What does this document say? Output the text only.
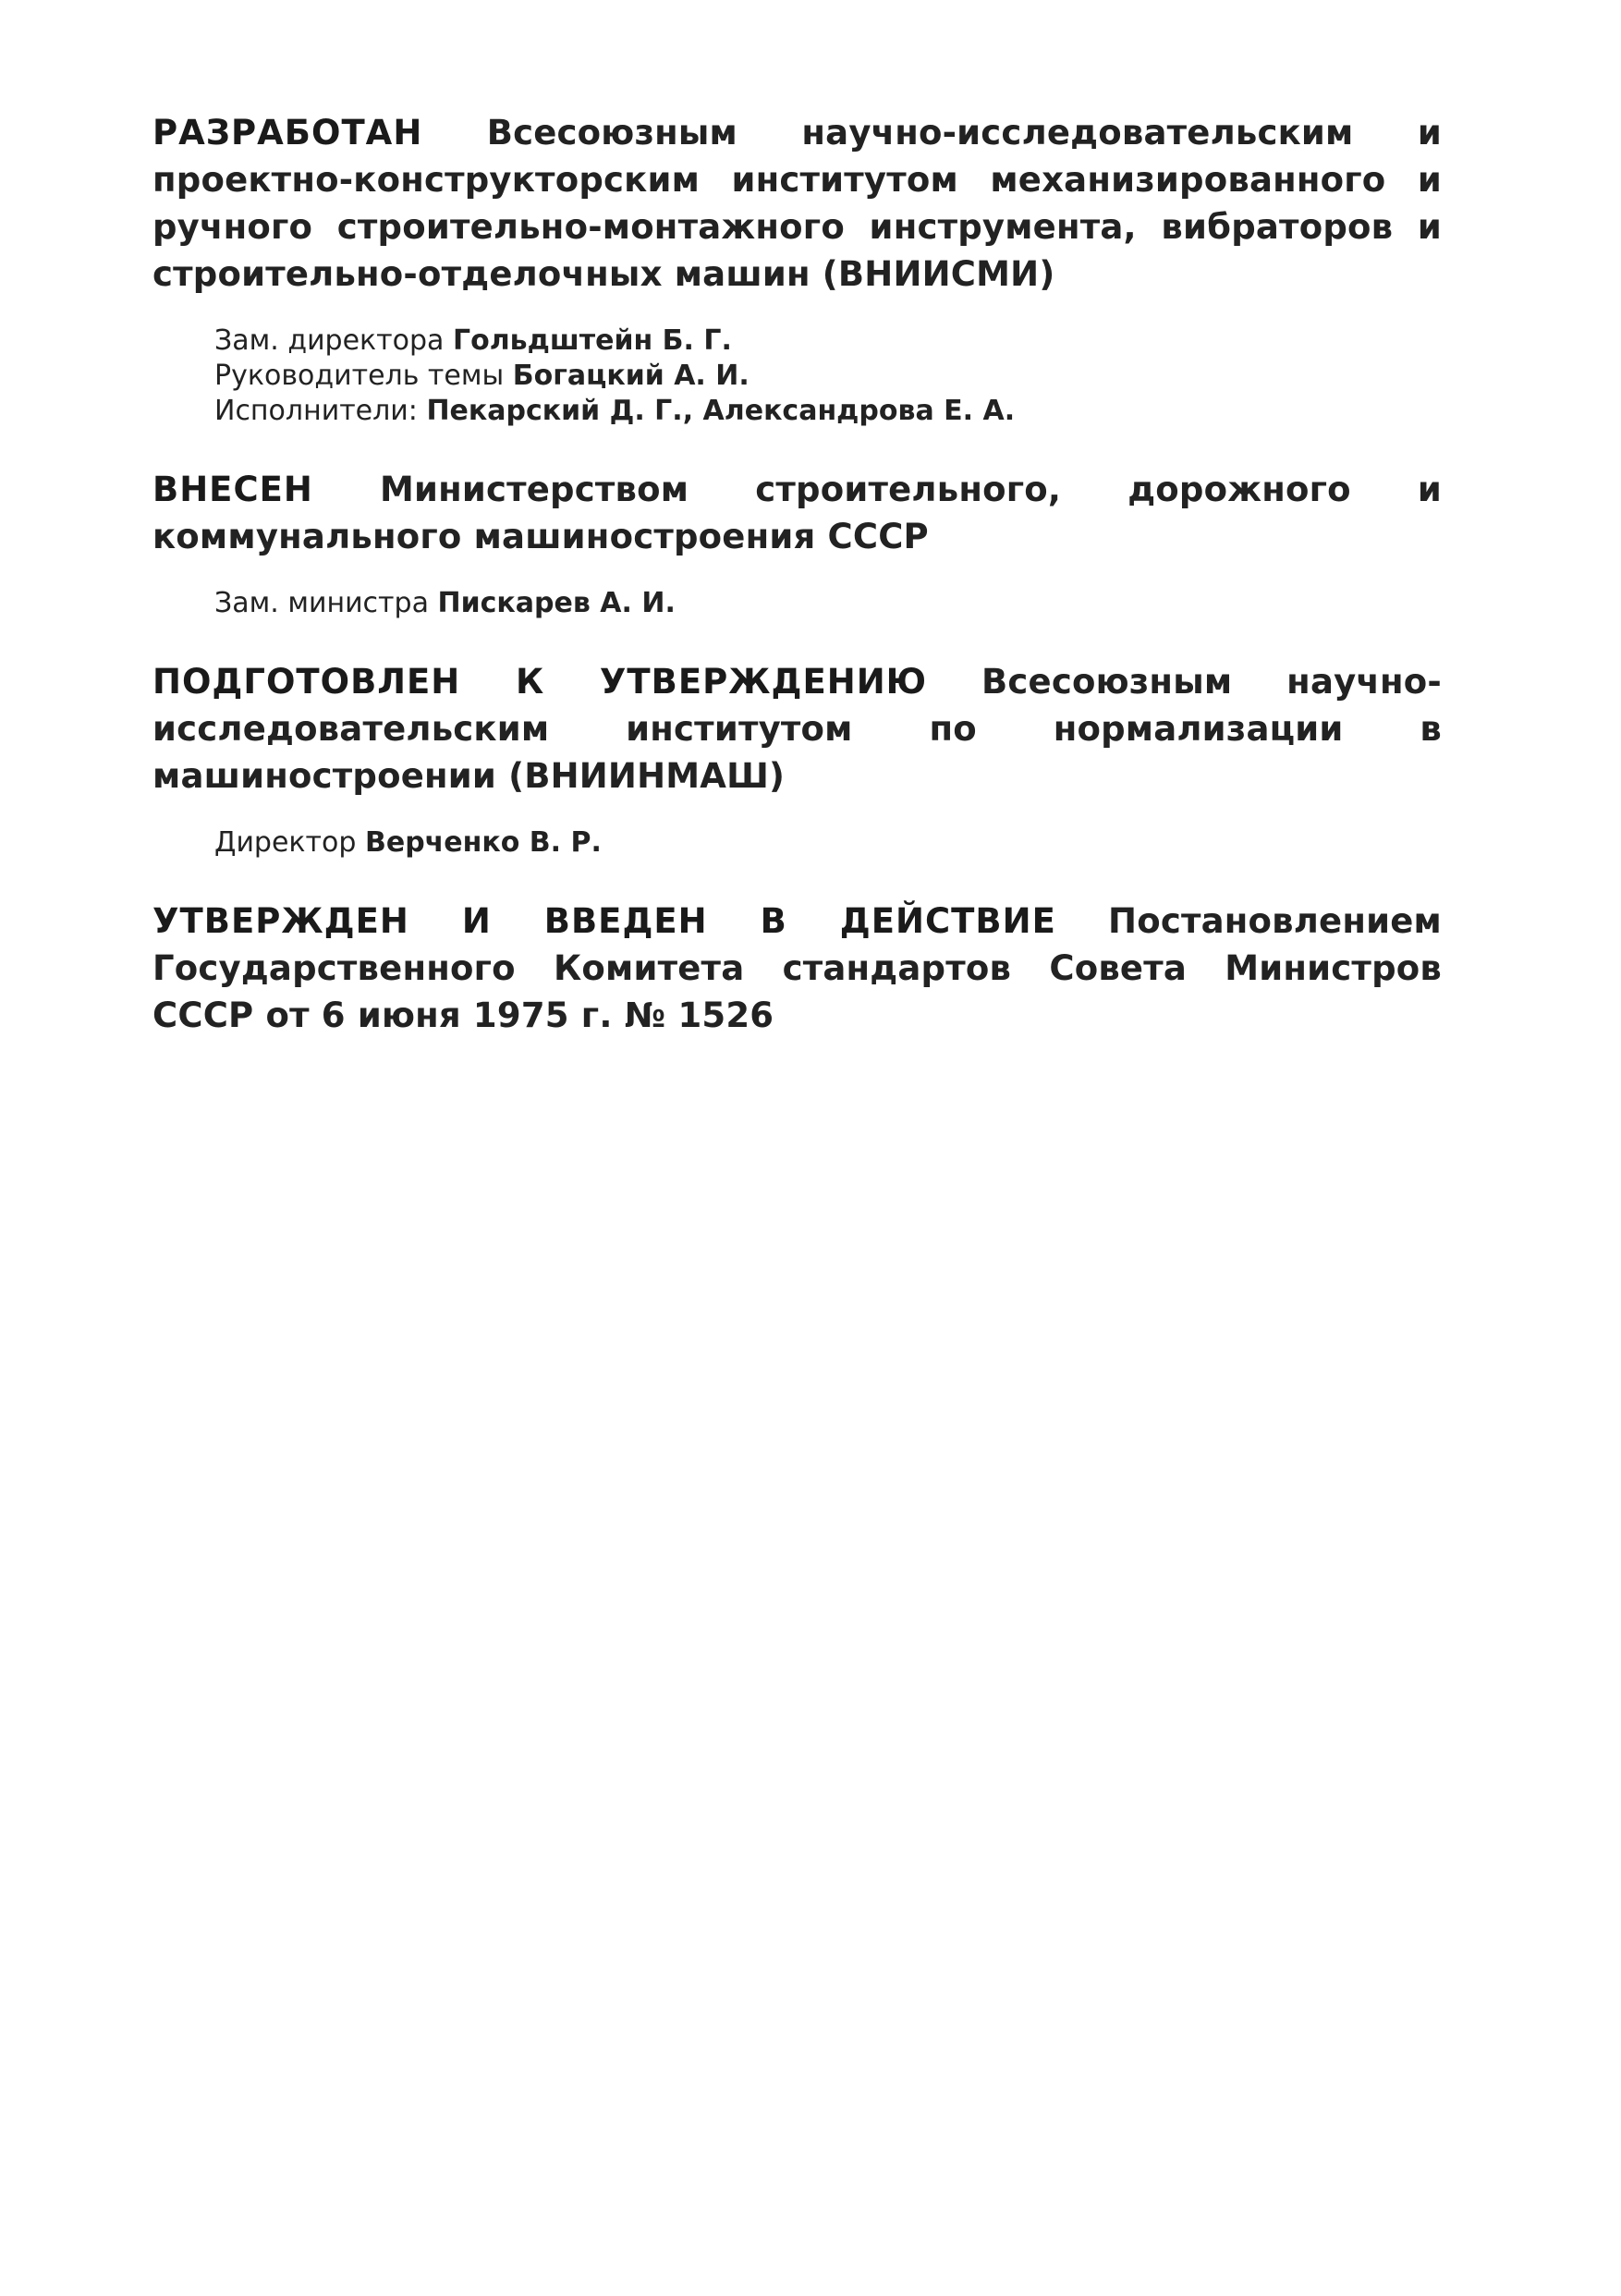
РАЗРАБОТАН Всесоюзным научно-исследовательским и проектно-конструкторским институтом механизированного и ручного строительно-монтажного инструмента, вибраторов и строительно-отделочных машин (ВНИИСМИ)

Зам. директора Гольдштейн Б. Г.
Руководитель темы Богацкий А. И.
Исполнители: Пекарский Д. Г., Александрова Е. А.

ВНЕСЕН Министерством строительного, дорожного и коммунального машиностроения СССР

Зам. министра Пискарев А. И.

ПОДГОТОВЛЕН К УТВЕРЖДЕНИЮ Всесоюзным научно-исследовательским институтом по нормализации в машиностроении (ВНИИНМАШ)

Директор Верченко В. Р.

УТВЕРЖДЕН И ВВЕДЕН В ДЕЙСТВИЕ Постановлением Государственного Комитета стандартов Совета Министров СССР от 6 июня 1975 г. № 1526
